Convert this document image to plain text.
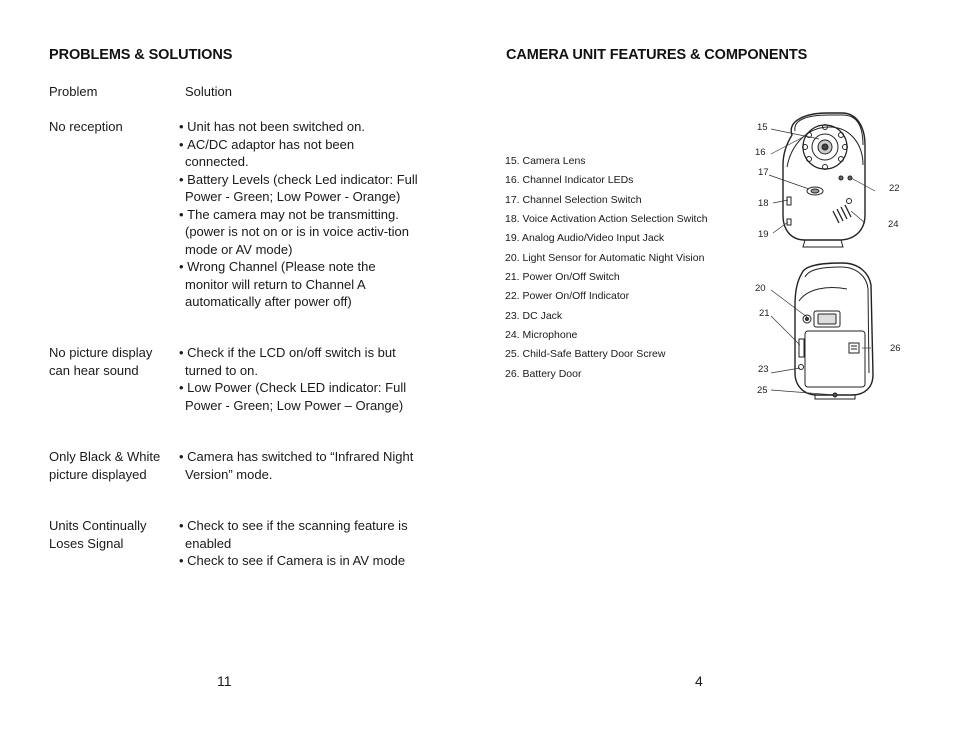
PROBLEMS & SOLUTIONS
Problem	Solution
No reception
•	Unit has not been switched on.
• AC/DC adaptor has not been connected.
• Battery Levels (check Led indicator: Full Power - Green; Low Power - Orange)
• The camera may not be transmitting. (power is not on or is in voice activ-tion mode or AV mode)
• Wrong Channel (Please note the monitor will return to Channel A automatically after power off)
No picture display can hear sound
• Check if the LCD on/off switch is but turned to on.
• Low Power (Check LED indicator: Full Power - Green; Low Power – Orange)
Only Black & White picture displayed
• Camera has switched to “Infrared Night Version” mode.
Units Continually Loses Signal
• Check to see if the scanning feature is enabled
• Check to see if Camera is in AV mode
11
CAMERA UNIT FEATURES & COMPONENTS
15. Camera Lens
16. Channel Indicator LEDs
17. Channel Selection Switch
18. Voice Activation Action Selection Switch
19. Analog Audio/Video Input Jack
20. Light Sensor for Automatic Night Vision
21. Power On/Off Switch
22. Power On/Off Indicator
23. DC Jack
24. Microphone
25. Child-Safe Battery Door Screw
26. Battery Door
15
16
17
18
19
22
24
20
21
23
25
26
4
